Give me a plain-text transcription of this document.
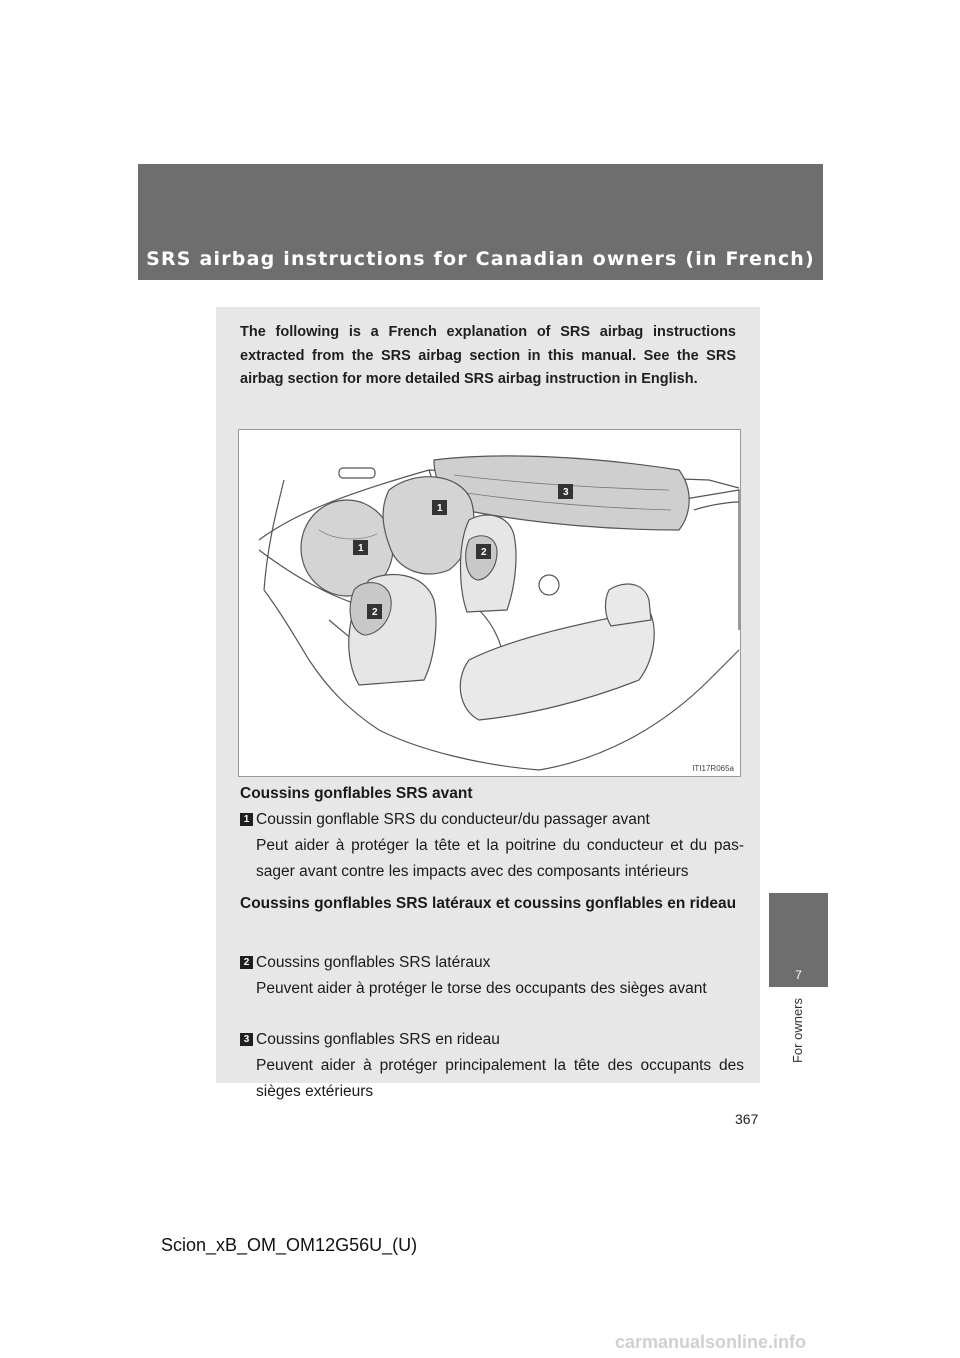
SRS airbag instructions for Canadian owners (in French)
7
For owners
The following is a French explanation of SRS airbag instructions extracted from the SRS airbag section in this manual. See the SRS airbag section for more detailed SRS airbag instruction in English.
1
1	2
2
3
ITI17R065a
Coussins gonflables SRS avant
1 Coussin gonflable SRS du conducteur/du passager avant
Peut aider à protéger la tête et la poitrine du conducteur et du pas-sager avant contre les impacts avec des composants intérieurs
Coussins gonflables SRS latéraux et coussins gonflables en rideau
2 Coussins gonflables SRS latéraux
Peuvent aider à protéger le torse des occupants des sièges avant
3 Coussins gonflables SRS en rideau
Peuvent aider à protéger principalement la tête des occupants des sièges extérieurs
367
Scion_xB_OM_OM12G56U_(U)
carmanualsonline.info
